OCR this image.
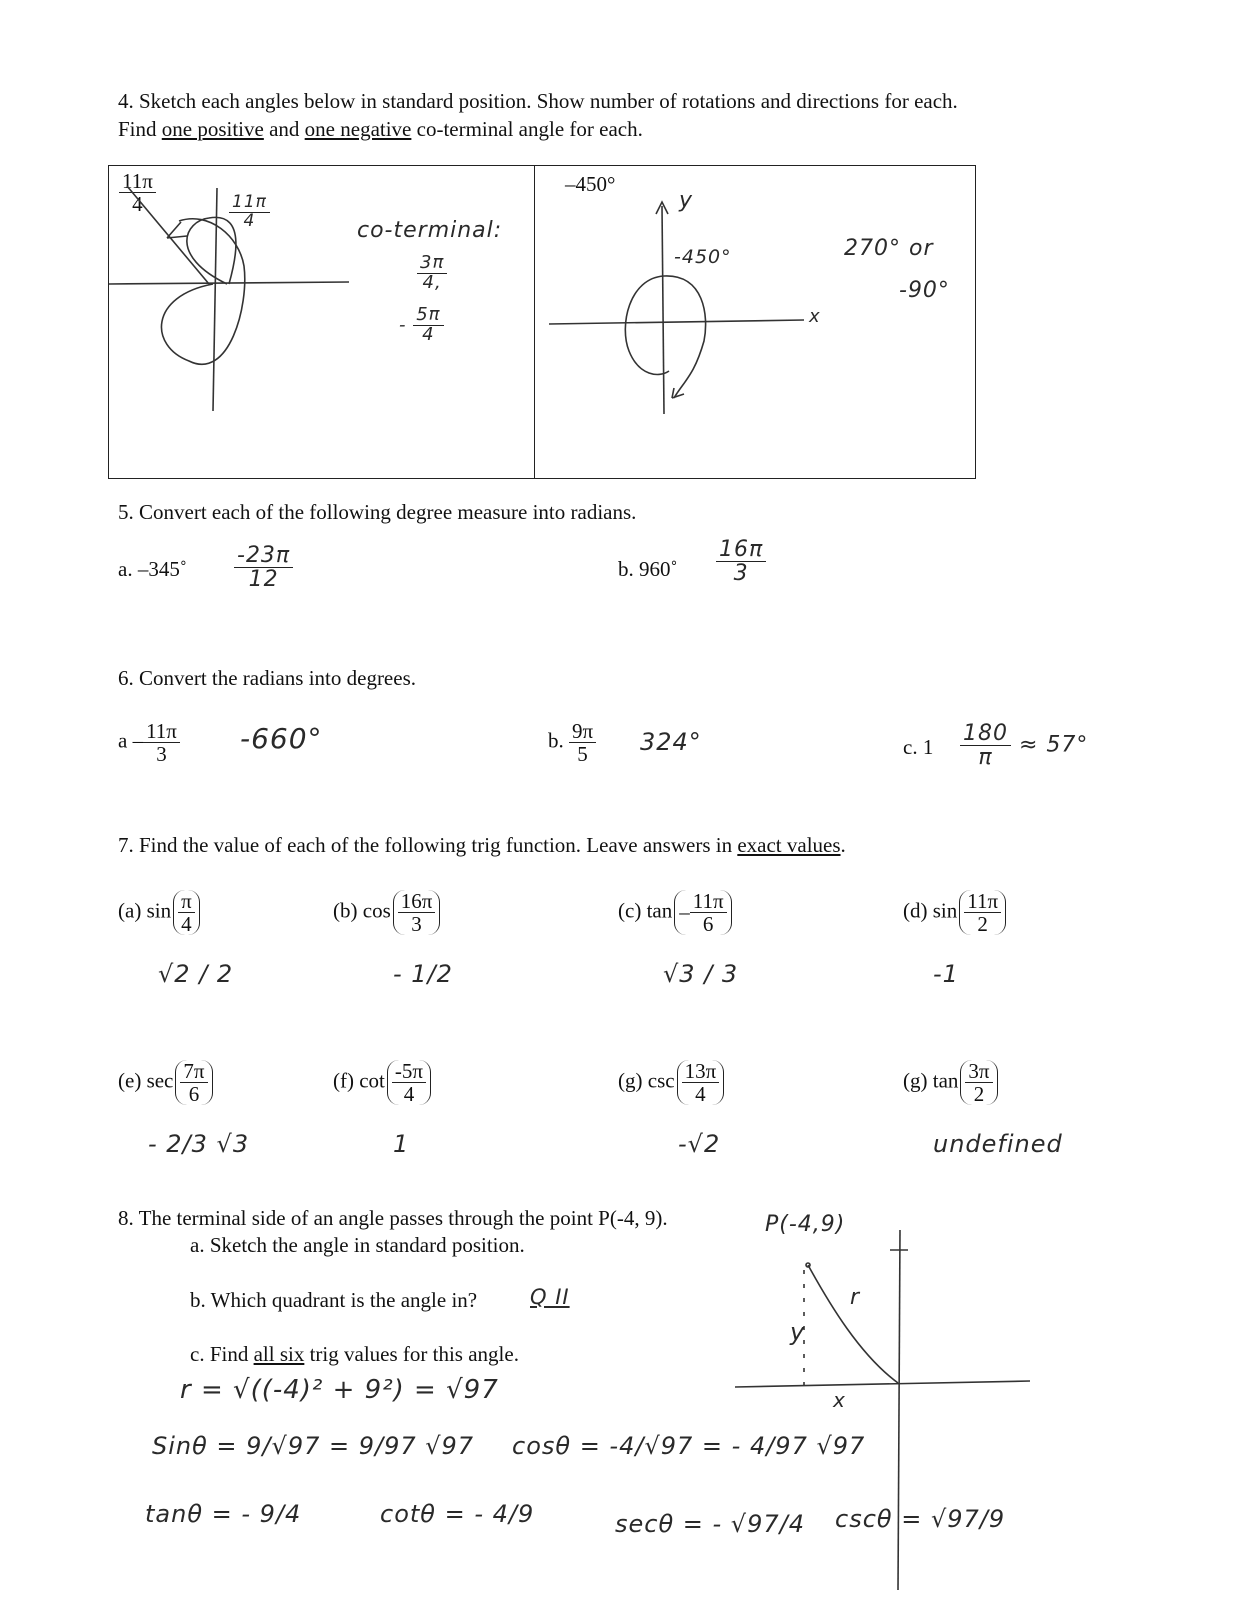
4. Sketch each angles below in standard position. Show number of rotations and directions for each.
Find one positive and one negative co-terminal angle for each.
$\frac{11\pi}{4}$	$\frac{11\pi}{4}$	co-terminal:
$\frac{3\pi}{4,}$
- $\frac{5\pi}{4}$
–450°
y
x
-450°	270° or
-90°
5. Convert each of the following degree measure into radians.
a. –345˚ $\frac{-23\pi}{12}$	b. 960˚ $\frac{16\pi}{3}$
6. Convert the radians into degrees.
a – $\frac{11\pi}{3} -660^\circ$	b. $\frac{9\pi}{5} 324^\circ$	c. $1 \frac{180}{\pi} \approx 57^\circ$
7. Find the value of each of the following trig function. Leave answers in exact values.
(a) $\sin \frac{\pi}{4}$
√2 / 2
(b) $\cos \frac{16\pi}{3}$
- 1/2
(c) tan – $\frac{11\pi}{6}$
√3 / 3
(d) $\sin \frac{11\pi}{2}$
-1
(e) $\sec \frac{7\pi}{6}$
- 2/3 √3
(f) $\cot \frac{-5\pi}{4}$
1
(g) $\csc \frac{13\pi}{4}$
-√2
(g) $\tan \frac{3\pi}{2}$
undefined
8. The terminal side of an angle passes through the point P(-4, 9).
a. Sketch the angle in standard position.
b. Which quadrant is the angle in?	Q II
c. Find all six trig values for this angle.
P(-4,9)
r
y
x
r = √((-4)² + 9²) = √97
Sinθ = 9/√97 = 9/97 √97 cosθ = -4/√97 = - 4/97 √97
tanθ = - 9/4	cotθ = - 4/9	secθ = - √97/4 cscθ = √97/9
